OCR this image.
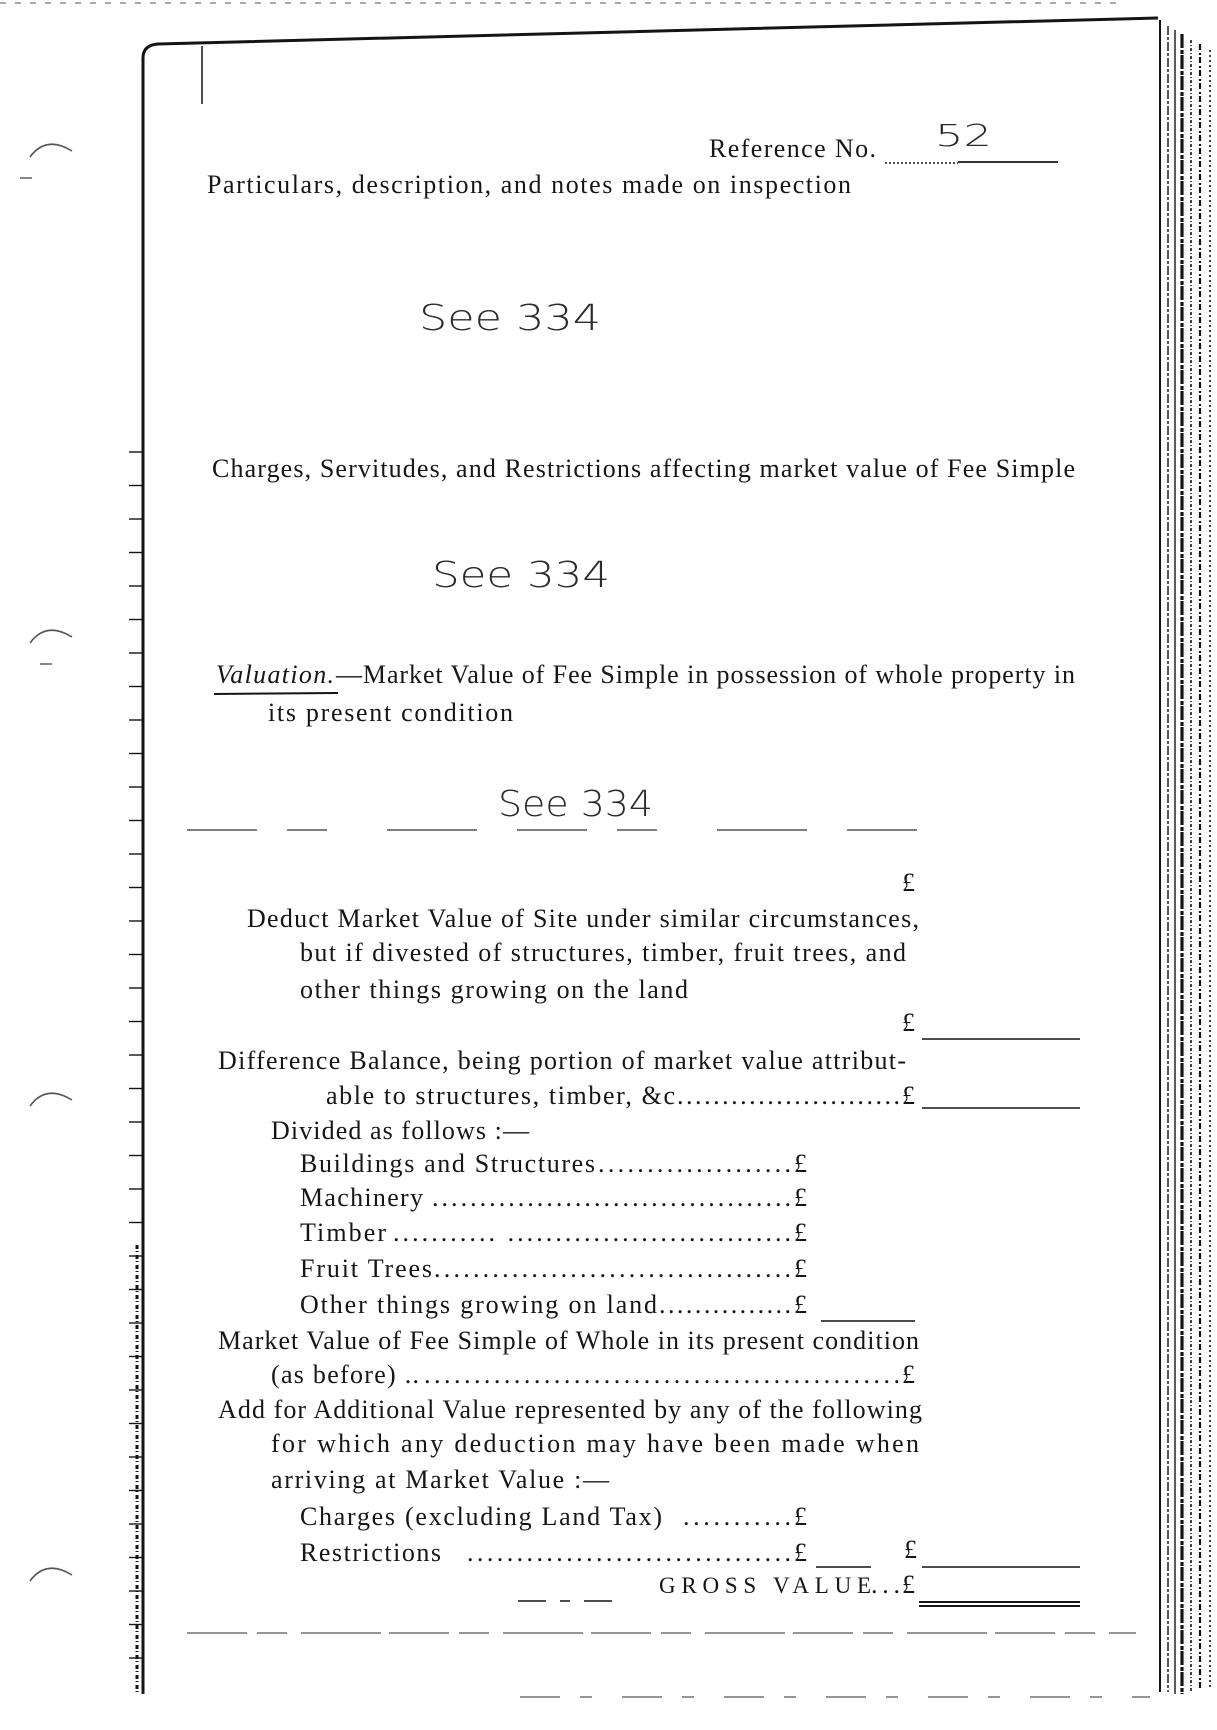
Reference No. 52
Particulars, description, and notes made on inspection
See 334
Charges, Servitudes, and Restrictions affecting market value of Fee Simple
See 334
Valuation. —Market Value of Fee Simple in possession of whole property in
its present condition
See 334
£
Deduct Market Value of Site under similar circumstances,
but if divested of structures, timber, fruit trees, and
other things growing on the land
£
Difference Balance, being portion of market value attribut-
able to structures, timber, &c ......................... £
Divided as follows :—
Buildings and Structures .................... £
Machinery ...................................... £
Timber ........... .............................. £
Fruit Trees ..................................... £
Other things growing on land ............... £
Market Value of Fee Simple of Whole in its present condition
(as before) .. ................................................ £
Add for Additional Value represented by any of the following
for which any deduction may have been made when
arriving at Market Value :—
Charges (excluding Land Tax) ........... £
Restrictions ................................. £	£
GROSS VALUE ... £
